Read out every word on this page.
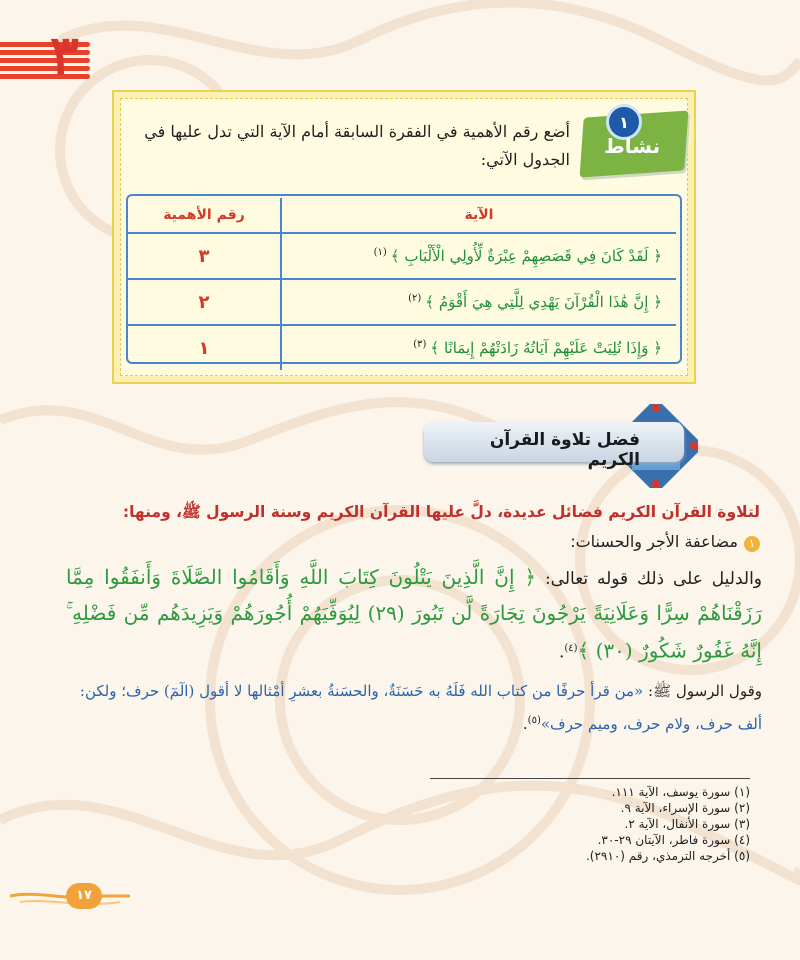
٣
١
نشاط
أضع رقم الأهمية في الفقرة السابقة أمام الآية التي تدل عليها في الجدول الآتي:
الآية	رقم الأهمية
﴿ لَقَدْ كَانَ فِي قَصَصِهِمْ عِبْرَةٌ لِّأُولِي الْأَلْبَابِ ﴾$^{(١)}$	٣
﴿ إِنَّ هَٰذَا الْقُرْآنَ يَهْدِي لِلَّتِي هِيَ أَقْوَمُ ﴾$^{(٢)}$	٢
﴿ وَإِذَا تُلِيَتْ عَلَيْهِمْ آيَاتُهُ زَادَتْهُمْ إِيمَانًا ﴾$^{(٣)}$	١
فضل تلاوة القرآن الكريم
لتلاوة القرآن الكريم فضائل عديدة، دلَّ عليها القرآن الكريم وسنة الرسول ﷺ، ومنها:
١مضاعفة الأجر والحسنات:
والدليل على ذلك قوله تعالى: ﴿ إِنَّ الَّذِينَ يَتْلُونَ كِتَابَ اللَّهِ وَأَقَامُوا الصَّلَاةَ وَأَنفَقُوا مِمَّا رَزَقْنَاهُمْ سِرًّا وَعَلَانِيَةً يَرْجُونَ تِجَارَةً لَّن تَبُورَ (٢٩) لِيُوَفِّيَهُمْ أُجُورَهُمْ وَيَزِيدَهُم مِّن فَضْلِهِ ۚ إِنَّهُ غَفُورٌ شَكُورٌ (٣٠) ﴾$^{(٤)}$.
وقول الرسول ﷺ: «من قرأ حرفًا من كتاب الله فَلَهُ به حَسَنَةٌ، والحسَنةُ بعشرِ أمْثالها لا أقول (الٓمٓ) حرف؛ ولكن: ألف حرف، ولام حرف، وميم حرف»$^{(٥)}$.
(١) سورة يوسف، الآية ١١١.
(٢) سورة الإسراء، الآية ٩.
(٣) سورة الأنفال، الآية ٢.
(٤) سورة فاطر، الآيتان ٢٩-٣٠.
(٥) أخرجه الترمذي، رقم (٢٩١٠).
١٧
